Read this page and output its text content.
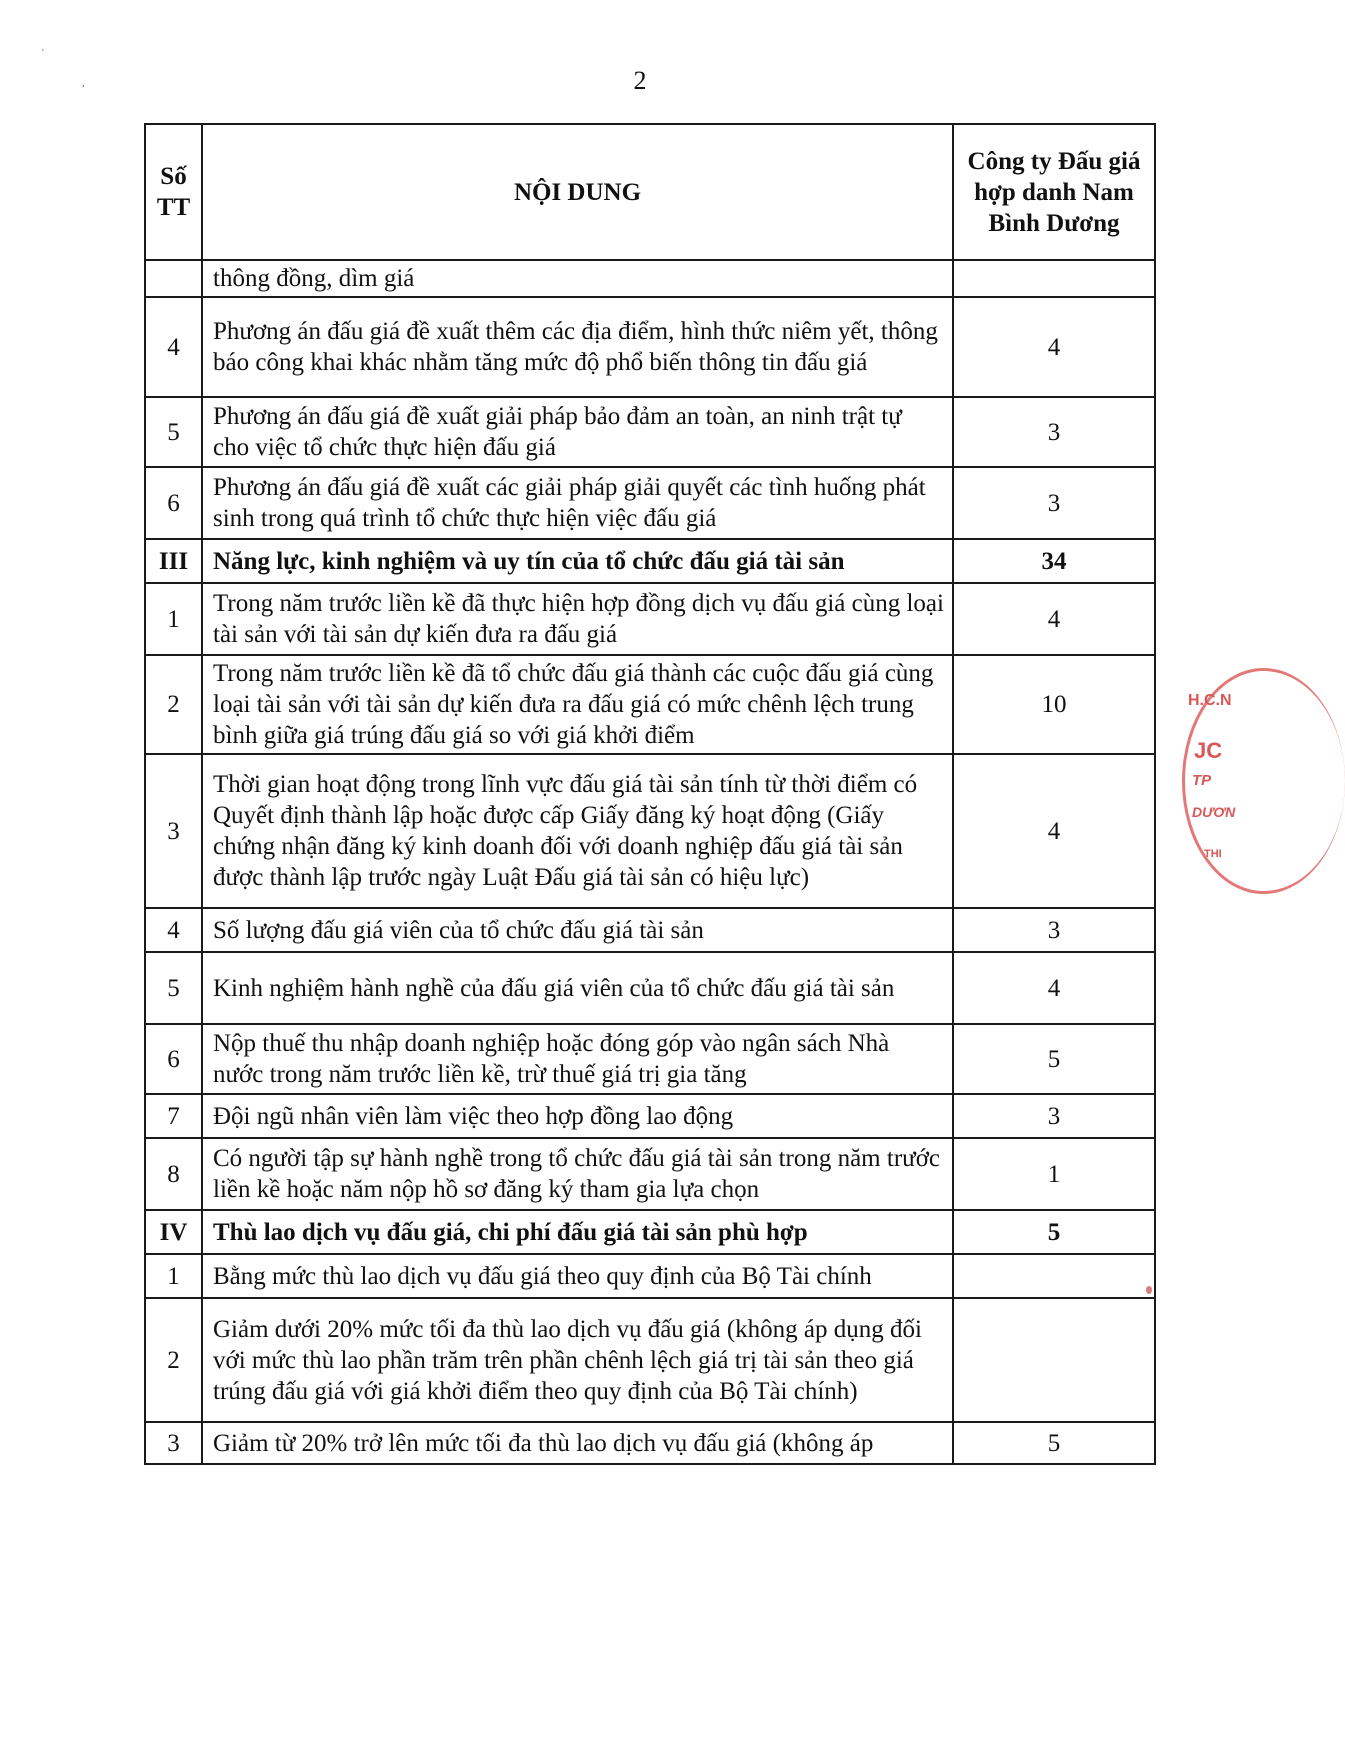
2
'
,
Số TT	NỘI DUNG	Công ty Đấu giá hợp danh Nam Bình Dương
	thông đồng, dìm giá	
4	Phương án đấu giá đề xuất thêm các địa điểm, hình thức niêm yết, thông báo công khai khác nhằm tăng mức độ phổ biến thông tin đấu giá	4
5	Phương án đấu giá đề xuất giải pháp bảo đảm an toàn, an ninh trật tự cho việc tổ chức thực hiện đấu giá	3
6	Phương án đấu giá đề xuất các giải pháp giải quyết các tình huống phát sinh trong quá trình tổ chức thực hiện việc đấu giá	3
III	Năng lực, kinh nghiệm và uy tín của tổ chức đấu giá tài sản	34
1	Trong năm trước liền kề đã thực hiện hợp đồng dịch vụ đấu giá cùng loại tài sản với tài sản dự kiến đưa ra đấu giá	4
2	Trong năm trước liền kề đã tổ chức đấu giá thành các cuộc đấu giá cùng loại tài sản với tài sản dự kiến đưa ra đấu giá có mức chênh lệch trung bình giữa giá trúng đấu giá so với giá khởi điểm	10
3	Thời gian hoạt động trong lĩnh vực đấu giá tài sản tính từ thời điểm có Quyết định thành lập hoặc được cấp Giấy đăng ký hoạt động (Giấy chứng nhận đăng ký kinh doanh đối với doanh nghiệp đấu giá tài sản được thành lập trước ngày Luật Đấu giá tài sản có hiệu lực)	4
4	Số lượng đấu giá viên của tổ chức đấu giá tài sản	3
5	Kinh nghiệm hành nghề của đấu giá viên của tổ chức đấu giá tài sản	4
6	Nộp thuế thu nhập doanh nghiệp hoặc đóng góp vào ngân sách Nhà nước trong năm trước liền kề, trừ thuế giá trị gia tăng	5
7	Đội ngũ nhân viên làm việc theo hợp đồng lao động	3
8	Có người tập sự hành nghề trong tổ chức đấu giá tài sản trong năm trước liền kề hoặc năm nộp hồ sơ đăng ký tham gia lựa chọn	1
IV	Thù lao dịch vụ đấu giá, chi phí đấu giá tài sản phù hợp	5
1	Bằng mức thù lao dịch vụ đấu giá theo quy định của Bộ Tài chính	
2	Giảm dưới 20% mức tối đa thù lao dịch vụ đấu giá (không áp dụng đối với mức thù lao phần trăm trên phần chênh lệch giá trị tài sản theo giá trúng đấu giá với giá khởi điểm theo quy định của Bộ Tài chính)	
3	Giảm từ 20% trở lên mức tối đa thù lao dịch vụ đấu giá (không áp	5
H.C.N
JC
TP
DƯƠN
THI
